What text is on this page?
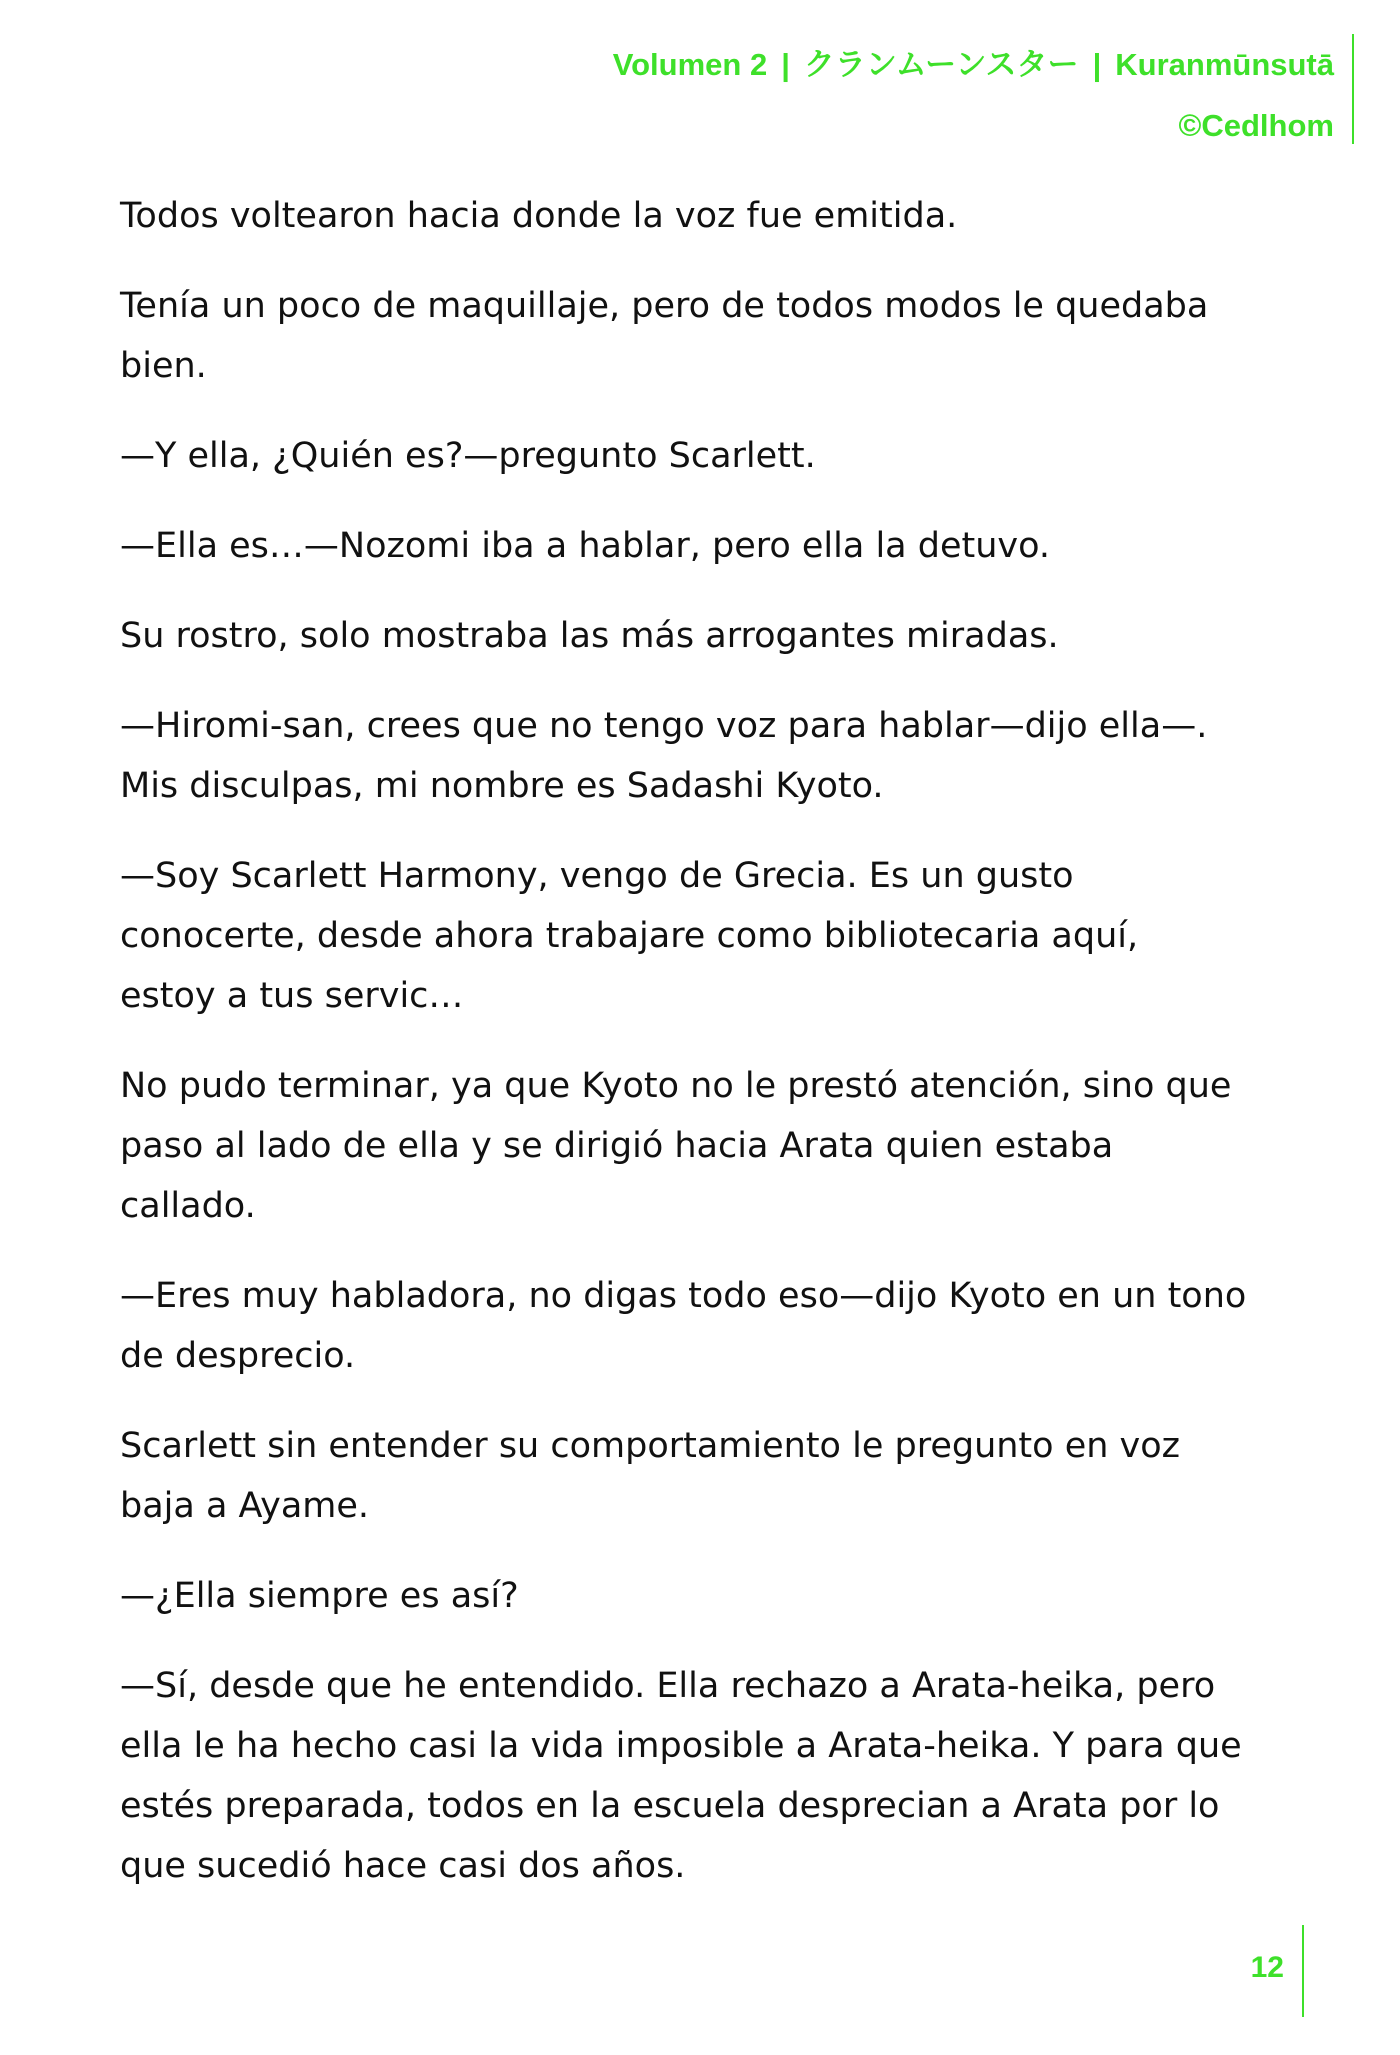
Volumen 2 | クランムーンスター | Kuranmūnsutā
©Cedlhom

Todos voltearon hacia donde la voz fue emitida.

Tenía un poco de maquillaje, pero de todos modos le quedaba
bien.

—Y ella, ¿Quién es?—pregunto Scarlett.

—Ella es…—Nozomi iba a hablar, pero ella la detuvo.

Su rostro, solo mostraba las más arrogantes miradas.

—Hiromi-san, crees que no tengo voz para hablar—dijo ella—.
Mis disculpas, mi nombre es Sadashi Kyoto.

—Soy Scarlett Harmony, vengo de Grecia. Es un gusto
conocerte, desde ahora trabajare como bibliotecaria aquí,
estoy a tus servic…

No pudo terminar, ya que Kyoto no le prestó atención, sino que
paso al lado de ella y se dirigió hacia Arata quien estaba
callado.

—Eres muy habladora, no digas todo eso—dijo Kyoto en un tono
de desprecio.

Scarlett sin entender su comportamiento le pregunto en voz
baja a Ayame.

—¿Ella siempre es así?

—Sí, desde que he entendido. Ella rechazo a Arata-heika, pero
ella le ha hecho casi la vida imposible a Arata-heika. Y para que
estés preparada, todos en la escuela desprecian a Arata por lo
que sucedió hace casi dos años.

12
